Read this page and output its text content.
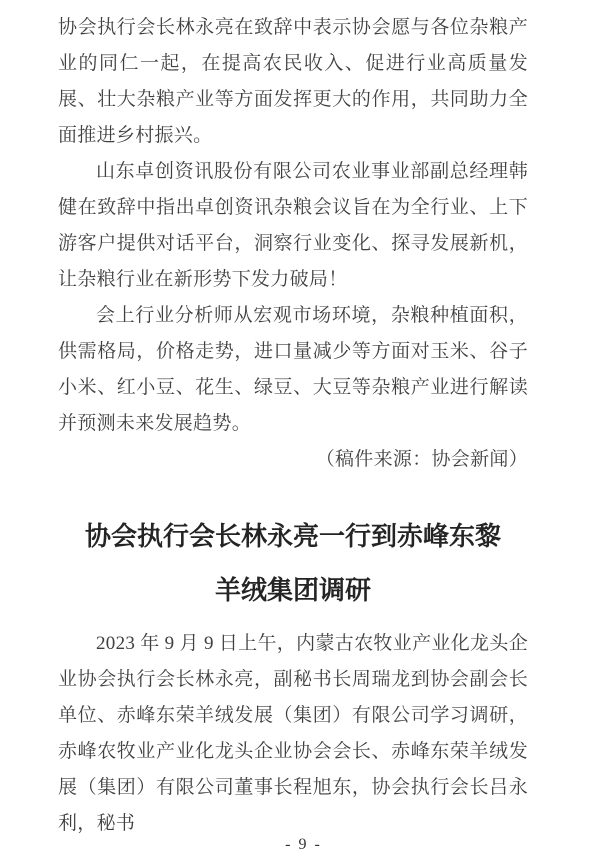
协会执行会长林永亮在致辞中表示协会愿与各位杂粮产业的同仁一起，在提高农民收入、促进行业高质量发展、壮大杂粮产业等方面发挥更大的作用，共同助力全面推进乡村振兴。

山东卓创资讯股份有限公司农业事业部副总经理韩健在致辞中指出卓创资讯杂粮会议旨在为全行业、上下游客户提供对话平台，洞察行业变化、探寻发展新机，让杂粮行业在新形势下发力破局！

会上行业分析师从宏观市场环境，杂粮种植面积，供需格局，价格走势，进口量减少等方面对玉米、谷子小米、红小豆、花生、绿豆、大豆等杂粮产业进行解读并预测未来发展趋势。

（稿件来源：协会新闻）

协会执行会长林永亮一行到赤峰东黎羊绒集团调研

2023 年 9 月 9 日上午，内蒙古农牧业产业化龙头企业协会执行会长林永亮，副秘书长周瑞龙到协会副会长单位、赤峰东荣羊绒发展（集团）有限公司学习调研，赤峰农牧业产业化龙头企业协会会长、赤峰东荣羊绒发展（集团）有限公司董事长程旭东，协会执行会长吕永利，秘书

- 9 -
